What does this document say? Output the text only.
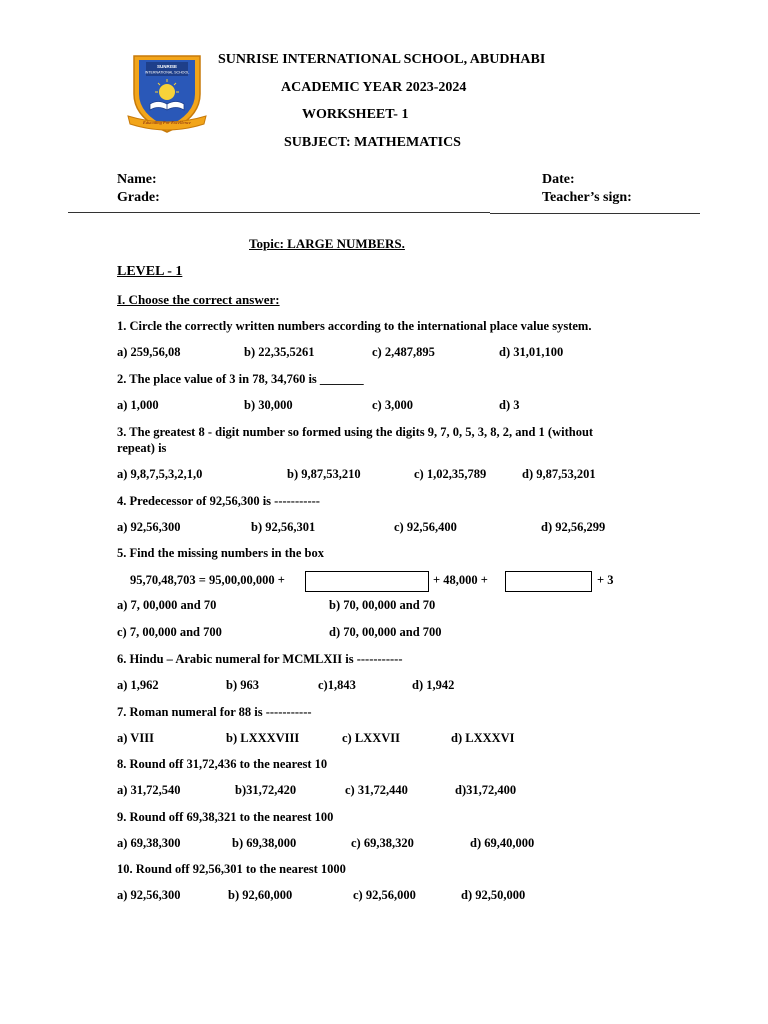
SUNRISE
INTERNATIONAL SCHOOL
Educating For Excellence
SUNRISE INTERNATIONAL SCHOOL, ABUDHABI
ACADEMIC YEAR 2023-2024
WORKSHEET- 1
SUBJECT: MATHEMATICS
Name:
Grade:
Date:
Teacher’s sign:
Topic: LARGE NUMBERS.
LEVEL - 1
I. Choose the correct answer:
1. Circle the correctly written numbers according to the international place value system.
a) 259,56,08	b) 22,35,5261	c) 2,487,895	d) 31,01,100
2. The place value of 3 in 78, 34,760 is _______
a) 1,000	b) 30,000	c) 3,000	d) 3
3. The greatest 8 - digit number so formed using the digits 9, 7, 0, 5, 3, 8, 2, and 1 (without
repeat) is
a) 9,8,7,5,3,2,1,0	b) 9,87,53,210	c) 1,02,35,789	d) 9,87,53,201
4. Predecessor of 92,56,300 is -----------
a) 92,56,300	b) 92,56,301	c) 92,56,400	d) 92,56,299
5. Find the missing numbers in the box
95,70,48,703 = 95,00,00,000 +	+ 48,000 +	+ 3
a) 7, 00,000 and 70	b) 70, 00,000 and 70
c) 7, 00,000 and 700	d) 70, 00,000 and 700
6. Hindu – Arabic numeral for MCMLXII is -----------
a) 1,962	b) 963	c)1,843	d) 1,942
7. Roman numeral for 88 is -----------
a) VIII	b) LXXXVIII	c) LXXVII	d) LXXXVI
8. Round off 31,72,436 to the nearest 10
a) 31,72,540	b)31,72,420	c) 31,72,440	d)31,72,400
9. Round off 69,38,321 to the nearest 100
a) 69,38,300	b) 69,38,000	c) 69,38,320	d) 69,40,000
10. Round off 92,56,301 to the nearest 1000
a) 92,56,300	b) 92,60,000	c) 92,56,000	d) 92,50,000
